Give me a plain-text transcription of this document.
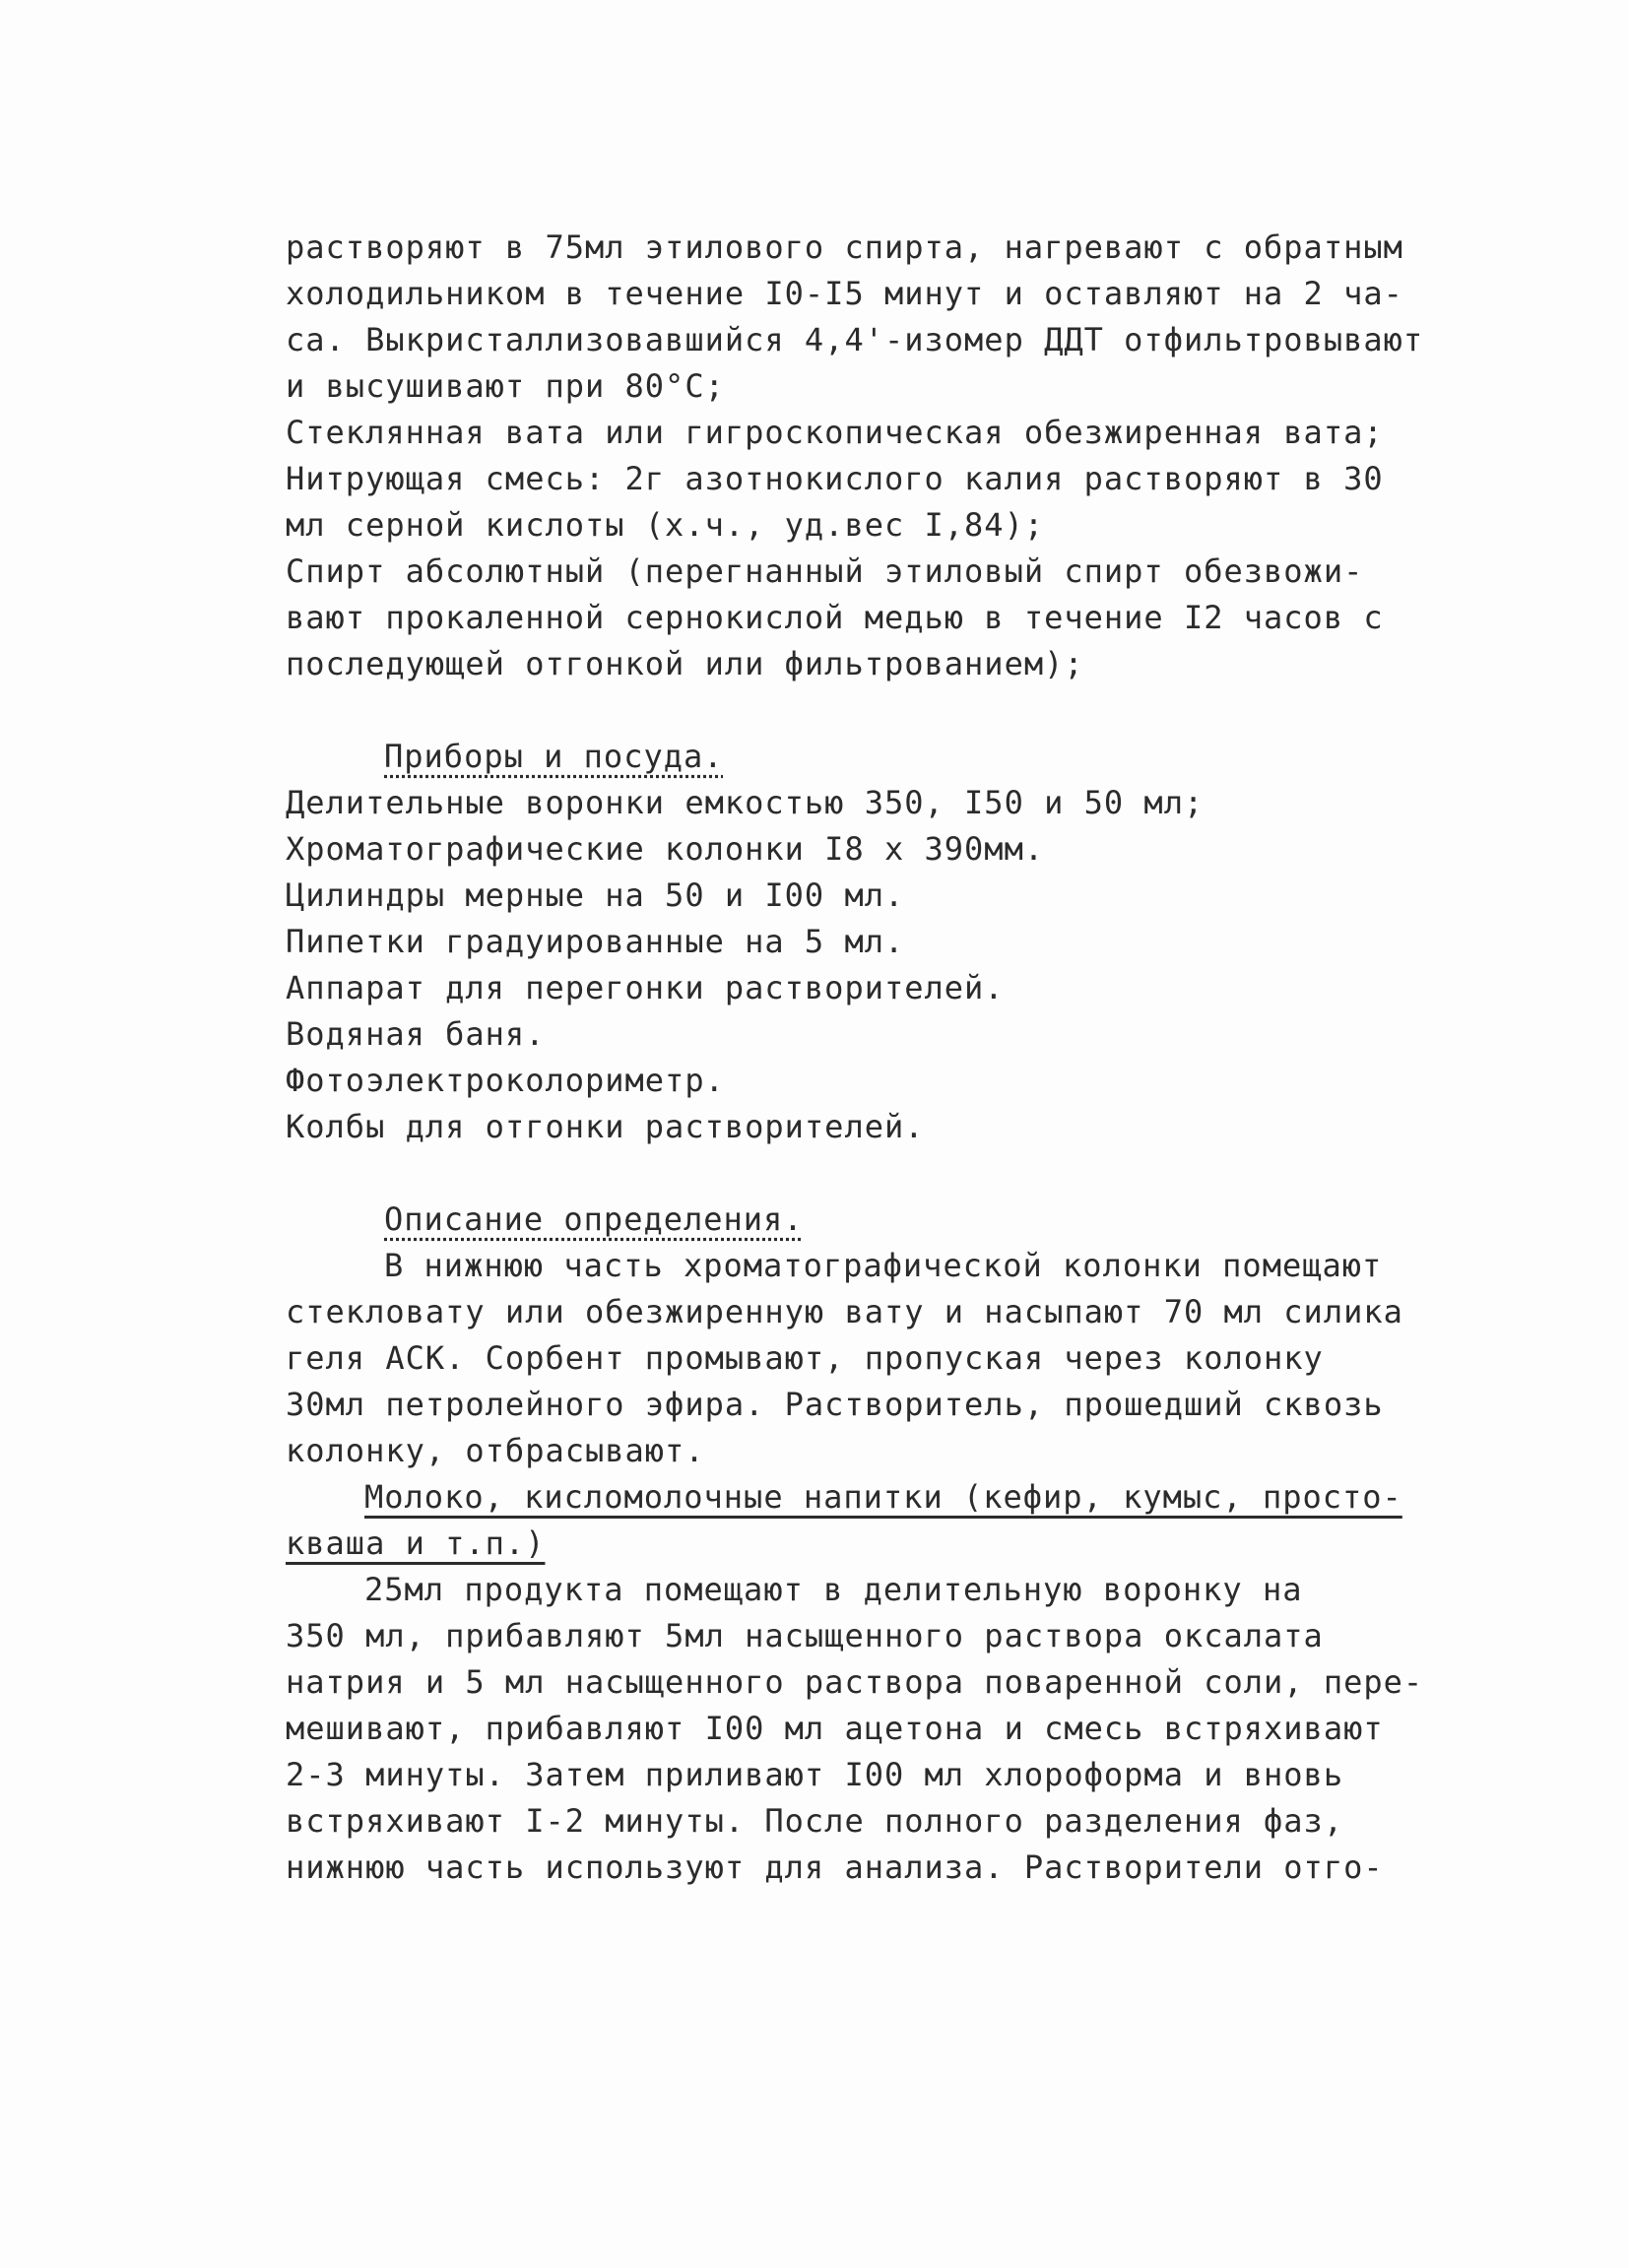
растворяют в 75мл этилового спирта, нагревают с обратным
холодильником в течение I0-I5 минут и оставляют на 2 ча-
са. Выкристаллизовавшийся 4,4'-изомер ДДТ отфильтровывают
и высушивают при 80°С;
Стеклянная вата или гигроскопическая обезжиренная вата;
Нитрующая смесь: 2г азотнокислого калия растворяют в 30
мл серной кислоты (х.ч., уд.вес I,84);
Спирт абсолютный (перегнанный этиловый спирт обезвожи-
вают прокаленной сернокислой медью в течение I2 часов с
последующей отгонкой или фильтрованием);
Приборы и посуда.
Делительные воронки емкостью 350, I50 и 50 мл;
Хроматографические колонки I8 х 390мм.
Цилиндры мерные на 50 и I00 мл.
Пипетки градуированные на 5 мл.
Аппарат для перегонки растворителей.
Водяная баня.
Фотоэлектроколориметр.
Колбы для отгонки растворителей.
Описание определения.
В нижнюю часть хроматографической колонки помещают
стекловату или обезжиренную вату и насыпают 70 мл силика
геля АСК. Сорбент промывают, пропуская через колонку
30мл петролейного эфира. Растворитель, прошедший сквозь
колонку, отбрасывают.
Молоко, кисломолочные напитки (кефир, кумыс, просто-
кваша и т.п.)
25мл продукта помещают в делительную воронку на
350 мл, прибавляют 5мл насыщенного раствора оксалата
натрия и 5 мл насыщенного раствора поваренной соли, пере-
мешивают, прибавляют I00 мл ацетона и смесь встряхивают
2-3 минуты. Затем приливают I00 мл хлороформа и вновь
встряхивают I-2 минуты. После полного разделения фаз,
нижнюю часть используют для анализа. Растворители отго-
